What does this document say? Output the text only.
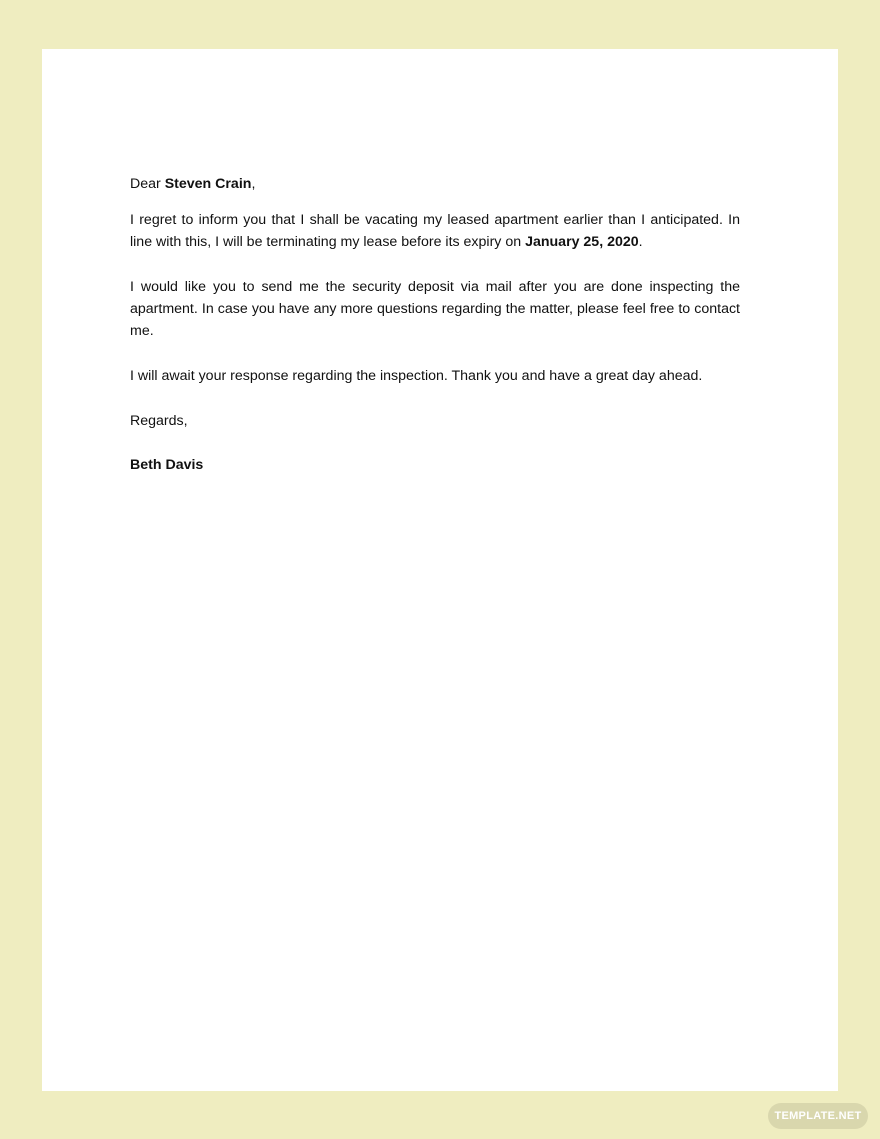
Dear Steven Crain,

I regret to inform you that I shall be vacating my leased apartment earlier than I anticipated. In line with this, I will be terminating my lease before its expiry on January 25, 2020.

I would like you to send me the security deposit via mail after you are done inspecting the apartment. In case you have any more questions regarding the matter, please feel free to contact me.

I will await your response regarding the inspection. Thank you and have a great day ahead.

Regards,

Beth Davis

TEMPLATE.NET
